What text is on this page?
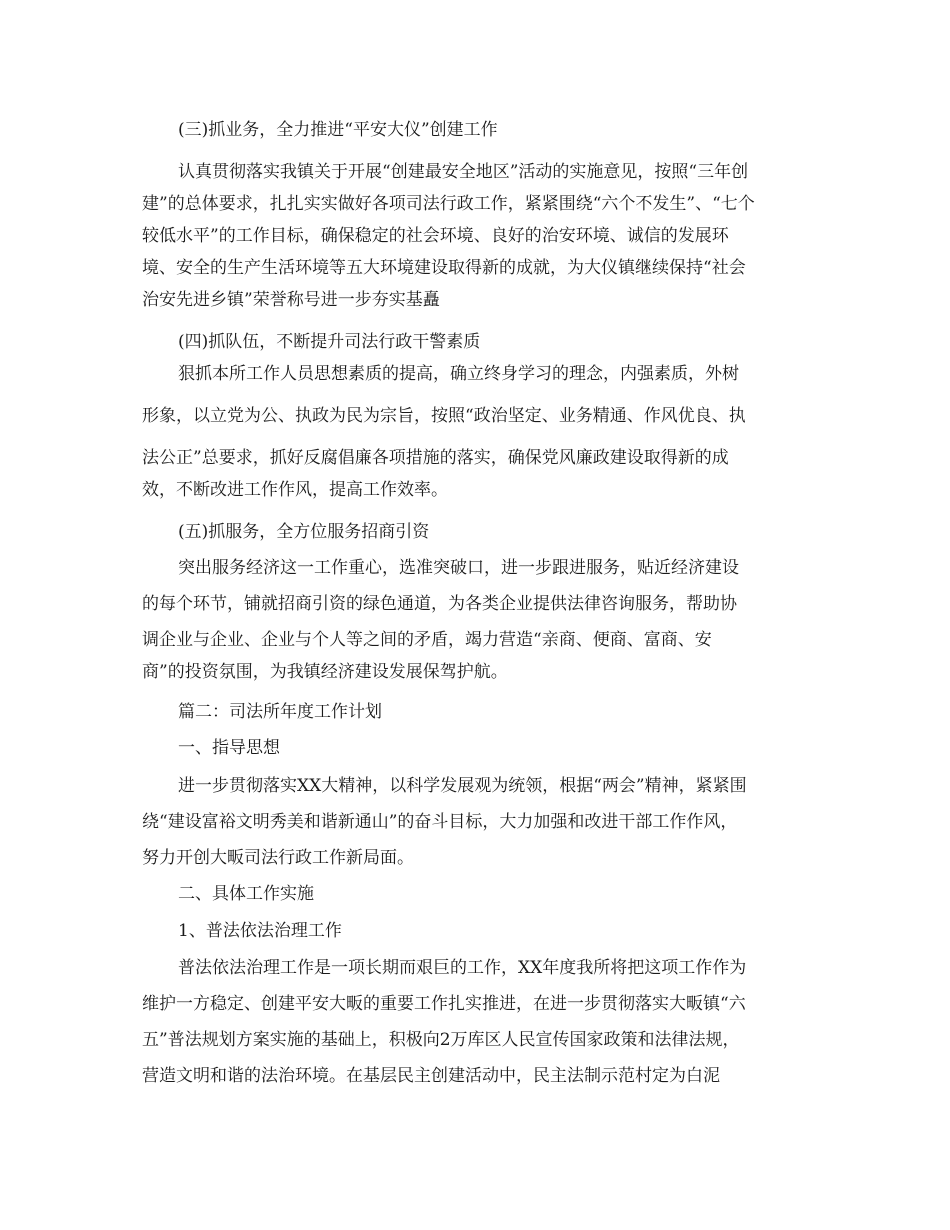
(三)抓业务，全力推进“平安大仪”创建工作

认真贯彻落实我镇关于开展“创建最安全地区”活动的实施意见，按照“三年创

建”的总体要求，扎扎实实做好各项司法行政工作，紧紧围绕“六个不发生”、“七个

较低水平”的工作目标，确保稳定的社会环境、良好的治安环境、诚信的发展环

境、安全的生产生活环境等五大环境建设取得新的成就，为大仪镇继续保持“社会

治安先进乡镇”荣誉称号进一步夯实基矗

(四)抓队伍，不断提升司法行政干警素质

狠抓本所工作人员思想素质的提高，确立终身学习的理念，内强素质，外树

形象，以立党为公、执政为民为宗旨，按照“政治坚定、业务精通、作风优良、执

法公正”总要求，抓好反腐倡廉各项措施的落实，确保党风廉政建设取得新的成

效，不断改进工作作风，提高工作效率。

(五)抓服务，全方位服务招商引资

突出服务经济这一工作重心，选准突破口，进一步跟进服务，贴近经济建设

的每个环节，铺就招商引资的绿色通道，为各类企业提供法律咨询服务，帮助协

调企业与企业、企业与个人等之间的矛盾，竭力营造“亲商、便商、富商、安

商”的投资氛围，为我镇经济建设发展保驾护航。

篇二：司法所年度工作计划

一、指导思想

进一步贯彻落实XX大精神，以科学发展观为统领，根据“两会”精神，紧紧围

绕“建设富裕文明秀美和谐新通山”的奋斗目标，大力加强和改进干部工作作风，

努力开创大畈司法行政工作新局面。

二、具体工作实施

1、普法依法治理工作

普法依法治理工作是一项长期而艰巨的工作，XX年度我所将把这项工作作为

维护一方稳定、创建平安大畈的重要工作扎实推进，在进一步贯彻落实大畈镇“六

五”普法规划方案实施的基础上，积极向2万库区人民宣传国家政策和法律法规，

营造文明和谐的法治环境。在基层民主创建活动中，民主法制示范村定为白泥
